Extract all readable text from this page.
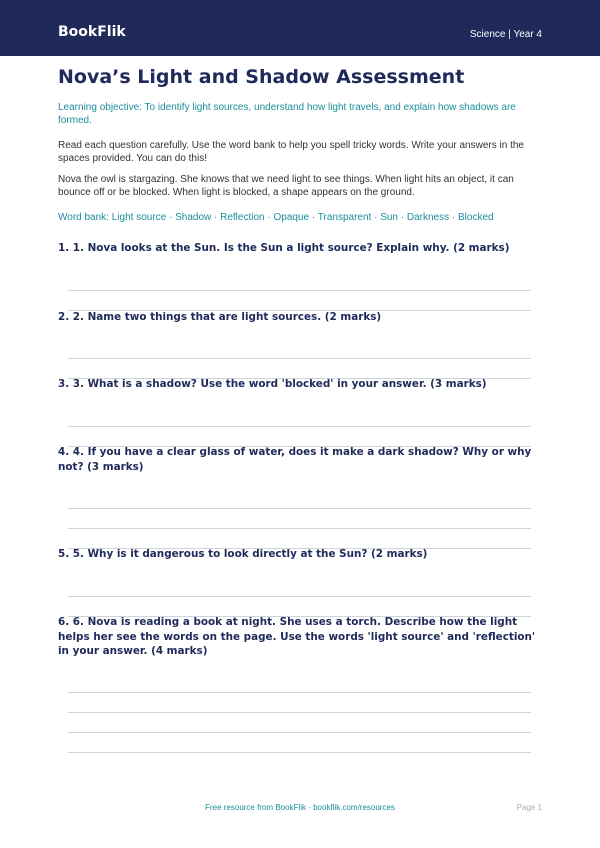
BookFlik	Science | Year 4
Nova’s Light and Shadow Assessment

Learning objective: To identify light sources, understand how light travels, and explain how shadows are formed.

Read each question carefully. Use the word bank to help you spell tricky words. Write your answers in the spaces provided. You can do this!

Nova the owl is stargazing. She knows that we need light to see things. When light hits an object, it can bounce off or be blocked. When light is blocked, a shape appears on the ground.

Word bank: Light source · Shadow · Reflection · Opaque · Transparent · Sun · Darkness · Blocked

1. 1. Nova looks at the Sun. Is the Sun a light source? Explain why. (2 marks)

2. 2. Name two things that are light sources. (2 marks)

3. 3. What is a shadow? Use the word 'blocked' in your answer. (3 marks)

4. 4. If you have a clear glass of water, does it make a dark shadow? Why or why not? (3 marks)

5. 5. Why is it dangerous to look directly at the Sun? (2 marks)

6. 6. Nova is reading a book at night. She uses a torch. Describe how the light helps her see the words on the page. Use the words 'light source' and 'reflection' in your answer. (4 marks)

Free resource from BookFlik · bookflik.com/resources	Page 1
